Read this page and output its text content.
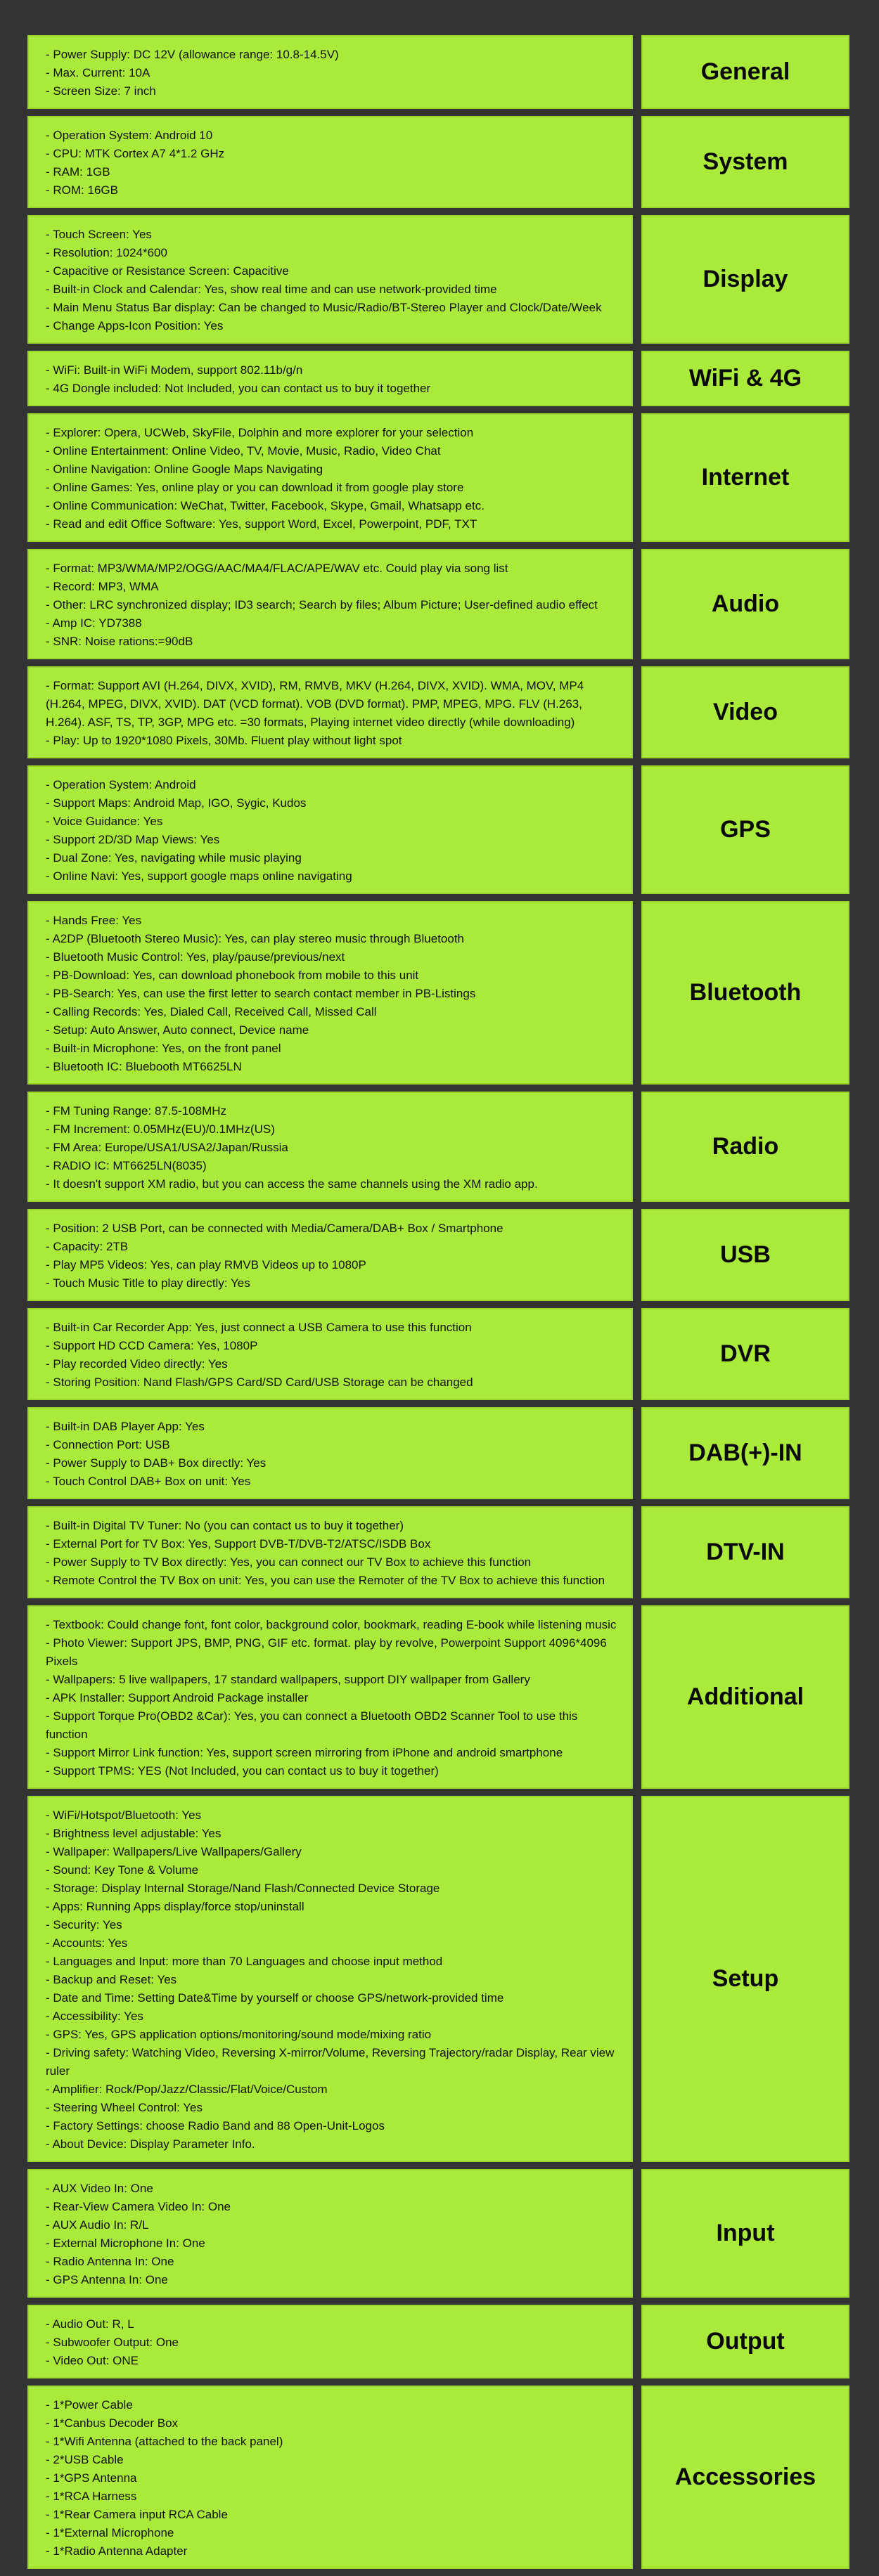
- Power Supply: DC 12V (allowance range: 10.8-14.5V)

- Max. Current: 10A

- Screen Size: 7 inch

General

- Operation System: Android 10

- CPU: MTK Cortex A7 4*1.2 GHz

- RAM: 1GB

- ROM: 16GB

System

- Touch Screen: Yes

- Resolution: 1024*600

- Capacitive or Resistance Screen: Capacitive

- Built-in Clock and Calendar: Yes, show real time and can use network-provided time

- Main Menu Status Bar display: Can be changed to Music/Radio/BT-Stereo Player and Clock/Date/Week

- Change Apps-Icon Position: Yes

Display

- WiFi: Built-in WiFi Modem, support 802.11b/g/n

- 4G Dongle included: Not Included, you can contact us to buy it together	WiFi & 4G

- Explorer: Opera, UCWeb, SkyFile, Dolphin and more explorer for your selection

- Online Entertainment: Online Video, TV, Movie, Music, Radio, Video Chat

- Online Navigation: Online Google Maps Navigating

- Online Games: Yes, online play or you can download it from google play store

- Online Communication: WeChat, Twitter, Facebook, Skype, Gmail, Whatsapp etc.

- Read and edit Office Software: Yes, support Word, Excel, Powerpoint, PDF, TXT

Internet

- Format: MP3/WMA/MP2/OGG/AAC/MA4/FLAC/APE/WAV etc. Could play via song list

- Record: MP3, WMA

- Other: LRC synchronized display; ID3 search; Search by files; Album Picture; User-defined audio effect

- Amp IC: YD7388

- SNR: Noise rations:=90dB

Audio

- Format: Support AVI (H.264, DIVX, XVID), RM, RMVB, MKV (H.264, DIVX, XVID). WMA, MOV, MP4 (H.264, MPEG, DIVX, XVID). DAT (VCD format). VOB (DVD format). PMP, MPEG, MPG. FLV (H.263, H.264). ASF, TS, TP, 3GP, MPG etc. =30 formats, Playing internet video directly (while downloading)

- Play: Up to 1920*1080 Pixels, 30Mb. Fluent play without light spot

Video

- Operation System: Android

- Support Maps: Android Map, IGO, Sygic, Kudos

- Voice Guidance: Yes

- Support 2D/3D Map Views: Yes

- Dual Zone: Yes, navigating while music playing

- Online Navi: Yes, support google maps online navigating

GPS

- Hands Free: Yes

- A2DP (Bluetooth Stereo Music): Yes, can play stereo music through Bluetooth

- Bluetooth Music Control: Yes, play/pause/previous/next

- PB-Download: Yes, can download phonebook from mobile to this unit

- PB-Search: Yes, can use the first letter to search contact member in PB-Listings

- Calling Records: Yes, Dialed Call, Received Call, Missed Call

- Setup: Auto Answer, Auto connect, Device name

- Built-in Microphone: Yes, on the front panel

- Bluetooth IC: Bluebooth MT6625LN

Bluetooth

- FM Tuning Range: 87.5-108MHz

- FM Increment: 0.05MHz(EU)/0.1MHz(US)

- FM Area: Europe/USA1/USA2/Japan/Russia

- RADIO IC: MT6625LN(8035)

- It doesn't support XM radio, but you can access the same channels using the XM radio app.

Radio

- Position: 2 USB Port, can be connected with Media/Camera/DAB+ Box / Smartphone

- Capacity: 2TB

- Play MP5 Videos: Yes, can play RMVB Videos up to 1080P

- Touch Music Title to play directly: Yes

USB

- Built-in Car Recorder App: Yes, just connect a USB Camera to use this function

- Support HD CCD Camera: Yes, 1080P

- Play recorded Video directly: Yes

- Storing Position: Nand Flash/GPS Card/SD Card/USB Storage can be changed

DVR

- Built-in DAB Player App: Yes

- Connection Port: USB

- Power Supply to DAB+ Box directly: Yes

- Touch Control DAB+ Box on unit: Yes

DAB(+)-IN

- Built-in Digital TV Tuner: No (you can contact us to buy it together)

- External Port for TV Box: Yes, Support DVB-T/DVB-T2/ATSC/ISDB Box

- Power Supply to TV Box directly: Yes, you can connect our TV Box to achieve this function

- Remote Control the TV Box on unit: Yes, you can use the Remoter of the TV Box to achieve this function

DTV-IN

- Textbook: Could change font, font color, background color, bookmark, reading E-book while listening music

- Photo Viewer: Support JPS, BMP, PNG, GIF etc. format. play by revolve, Powerpoint Support 4096*4096 Pixels

- Wallpapers: 5 live wallpapers, 17 standard wallpapers, support DIY wallpaper from Gallery

- APK Installer: Support Android Package installer

- Support Torque Pro(OBD2 &Car): Yes, you can connect a Bluetooth OBD2 Scanner Tool to use this function

- Support Mirror Link function: Yes, support screen mirroring from iPhone and android smartphone

- Support TPMS: YES (Not Included, you can contact us to buy it together)

Additional

- WiFi/Hotspot/Bluetooth: Yes

- Brightness level adjustable: Yes

- Wallpaper: Wallpapers/Live Wallpapers/Gallery

- Sound: Key Tone & Volume

- Storage: Display Internal Storage/Nand Flash/Connected Device Storage

- Apps: Running Apps display/force stop/uninstall

- Security: Yes

- Accounts: Yes

- Languages and Input: more than 70 Languages and choose input method

- Backup and Reset: Yes

- Date and Time: Setting Date&Time by yourself or choose GPS/network-provided time

- Accessibility: Yes

- GPS: Yes, GPS application options/monitoring/sound mode/mixing ratio

- Driving safety: Watching Video, Reversing X-mirror/Volume, Reversing Trajectory/radar Display, Rear view ruler

- Amplifier: Rock/Pop/Jazz/Classic/Flat/Voice/Custom

- Steering Wheel Control: Yes

- Factory Settings: choose Radio Band and 88 Open-Unit-Logos

- About Device: Display Parameter Info.

Setup

- AUX Video In: One

- Rear-View Camera Video In: One

- AUX Audio In: R/L

- External Microphone In: One

- Radio Antenna In: One

- GPS Antenna In: One

Input

- Audio Out: R, L

- Subwoofer Output: One

- Video Out: ONE

Output

- 1*Power Cable

- 1*Canbus Decoder Box

- 1*Wifi Antenna (attached to the back panel)

- 2*USB Cable

- 1*GPS Antenna

- 1*RCA Harness

- 1*Rear Camera input RCA Cable

- 1*External Microphone

- 1*Radio Antenna Adapter

Accessories
